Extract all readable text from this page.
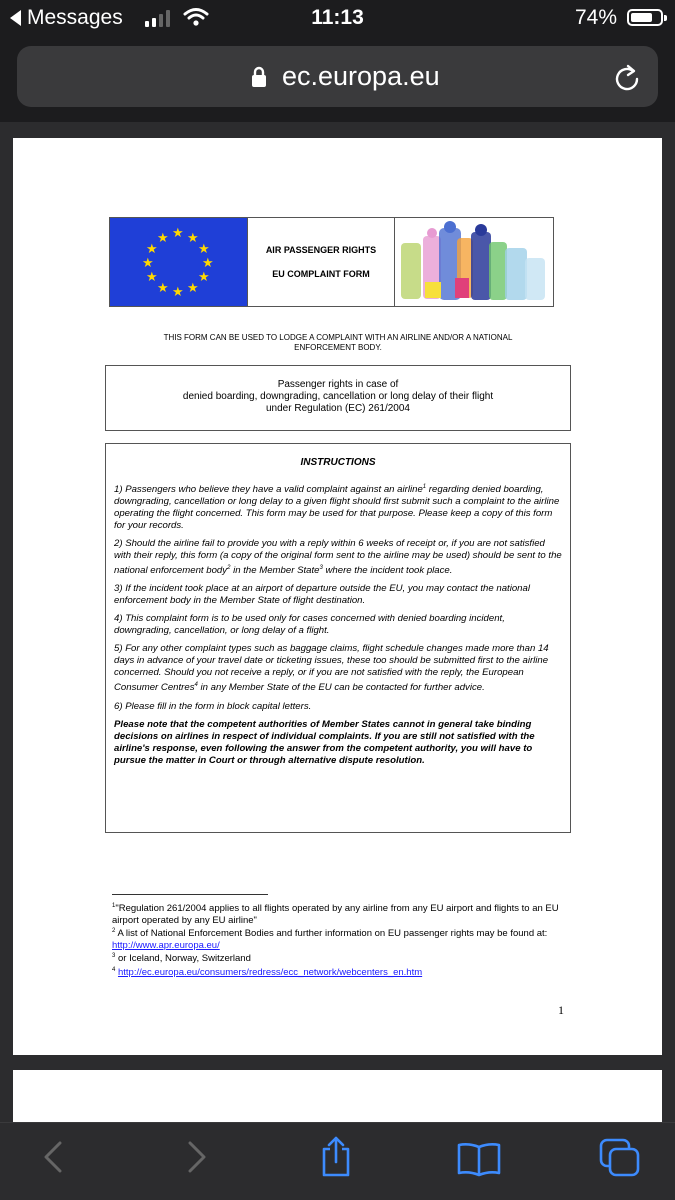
Messages	11:13	74%
ec.europa.eu
★ ★
★
★
★
★
★
★
★
★
★
★
AIR PASSENGER RIGHTS
EU COMPLAINT FORM
THIS FORM CAN BE USED TO LODGE A COMPLAINT WITH AN AIRLINE AND/OR A NATIONAL
ENFORCEMENT BODY.
Passenger rights in case of
denied boarding, downgrading, cancellation or long delay of their flight
under Regulation (EC) 261/2004
INSTRUCTIONS

1) Passengers who believe they have a valid complaint against an airline$^1$ regarding denied boarding, downgrading, cancellation or long delay to a given flight should first submit such a complaint to the airline operating the flight concerned. This form may be used for that purpose. Please keep a copy of this form for your records.

2) Should the airline fail to provide you with a reply within 6 weeks of receipt or, if you are not satisfied with their reply, this form (a copy of the original form sent to the airline may be used) should be sent to the national enforcement body$^2$ in the Member State$^3$ where the incident took place.

3) If the incident took place at an airport of departure outside the EU, you may contact the national enforcement body in the Member State of flight destination.

4) This complaint form is to be used only for cases concerned with denied boarding incident, downgrading, cancellation, or long delay of a flight.

5) For any other complaint types such as baggage claims, flight schedule changes made more than 14 days in advance of your travel date or ticketing issues, these too should be submitted first to the airline concerned. Should you not receive a reply, or if you are not satisfied with the reply, the European Consumer Centres$^4$ in any Member State of the EU can be contacted for further advice.

6) Please fill in the form in block capital letters.

Please note that the competent authorities of Member States cannot in general take binding decisions on airlines in respect of individual complaints. If you are still not satisfied with the airline's response, even following the answer from the competent authority, you will have to pursue the matter in Court or through alternative dispute resolution.

$^1$"Regulation 261/2004 applies to all flights operated by any airline from any EU airport and flights to an EU airport operated by any EU airline"
$^2$ A list of National Enforcement Bodies and further information on EU passenger rights may be found at: http://www.apr.europa.eu/
$^3$ or Iceland, Norway, Switzerland
$^4$ http://ec.europa.eu/consumers/redress/ecc_network/webcenters_en.htm
1
